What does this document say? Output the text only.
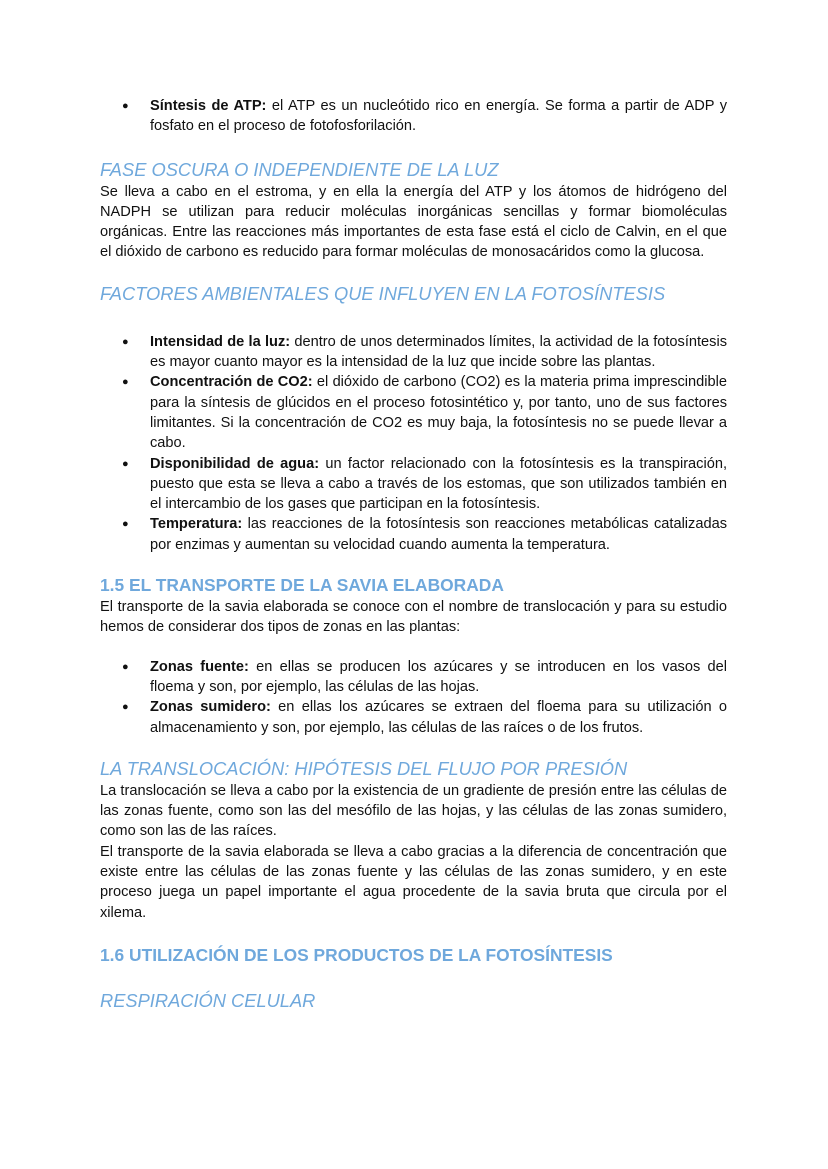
● Síntesis de ATP: el ATP es un nucleótido rico en energía. Se forma a partir de ADP y fosfato en el proceso de fotofosforilación.
FASE OSCURA O INDEPENDIENTE DE LA LUZ

Se lleva a cabo en el estroma, y en ella la energía del ATP y los átomos de hidrógeno del NADPH se utilizan para reducir moléculas inorgánicas sencillas y formar biomoléculas orgánicas. Entre las reacciones más importantes de esta fase está el ciclo de Calvin, en el que el dióxido de carbono es reducido para formar moléculas de monosacáridos como la glucosa.

FACTORES AMBIENTALES QUE INFLUYEN EN LA FOTOSÍNTESIS
● Intensidad de la luz: dentro de unos determinados límites, la actividad de la fotosíntesis es mayor cuanto mayor es la intensidad de la luz que incide sobre las plantas.
● Concentración de CO2: el dióxido de carbono (CO2) es la materia prima imprescindible para la síntesis de glúcidos en el proceso fotosintético y, por tanto, uno de sus factores limitantes. Si la concentración de CO2 es muy baja, la fotosíntesis no se puede llevar a cabo.
● Disponibilidad de agua: un factor relacionado con la fotosíntesis es la transpiración, puesto que esta se lleva a cabo a través de los estomas, que son utilizados también en el intercambio de los gases que participan en la fotosíntesis.
● Temperatura: las reacciones de la fotosíntesis son reacciones metabólicas catalizadas por enzimas y aumentan su velocidad cuando aumenta la temperatura.
1.5 EL TRANSPORTE DE LA SAVIA ELABORADA

El transporte de la savia elaborada se conoce con el nombre de translocación y para su estudio hemos de considerar dos tipos de zonas en las plantas:

● Zonas fuente: en ellas se producen los azúcares y se introducen en los vasos del floema y son, por ejemplo, las células de las hojas.
● Zonas sumidero: en ellas los azúcares se extraen del floema para su utilización o almacenamiento y son, por ejemplo, las células de las raíces o de los frutos.
LA TRANSLOCACIÓN: HIPÓTESIS DEL FLUJO POR PRESIÓN

La translocación se lleva a cabo por la existencia de un gradiente de presión entre las células de las zonas fuente, como son las del mesófilo de las hojas, y las células de las zonas sumidero, como son las de las raíces.

El transporte de la savia elaborada se lleva a cabo gracias a la diferencia de concentración que existe entre las células de las zonas fuente y las células de las zonas sumidero, y en este proceso juega un papel importante el agua procedente de la savia bruta que circula por el xilema.

1.6 UTILIZACIÓN DE LOS PRODUCTOS DE LA FOTOSÍNTESIS
RESPIRACIÓN CELULAR
